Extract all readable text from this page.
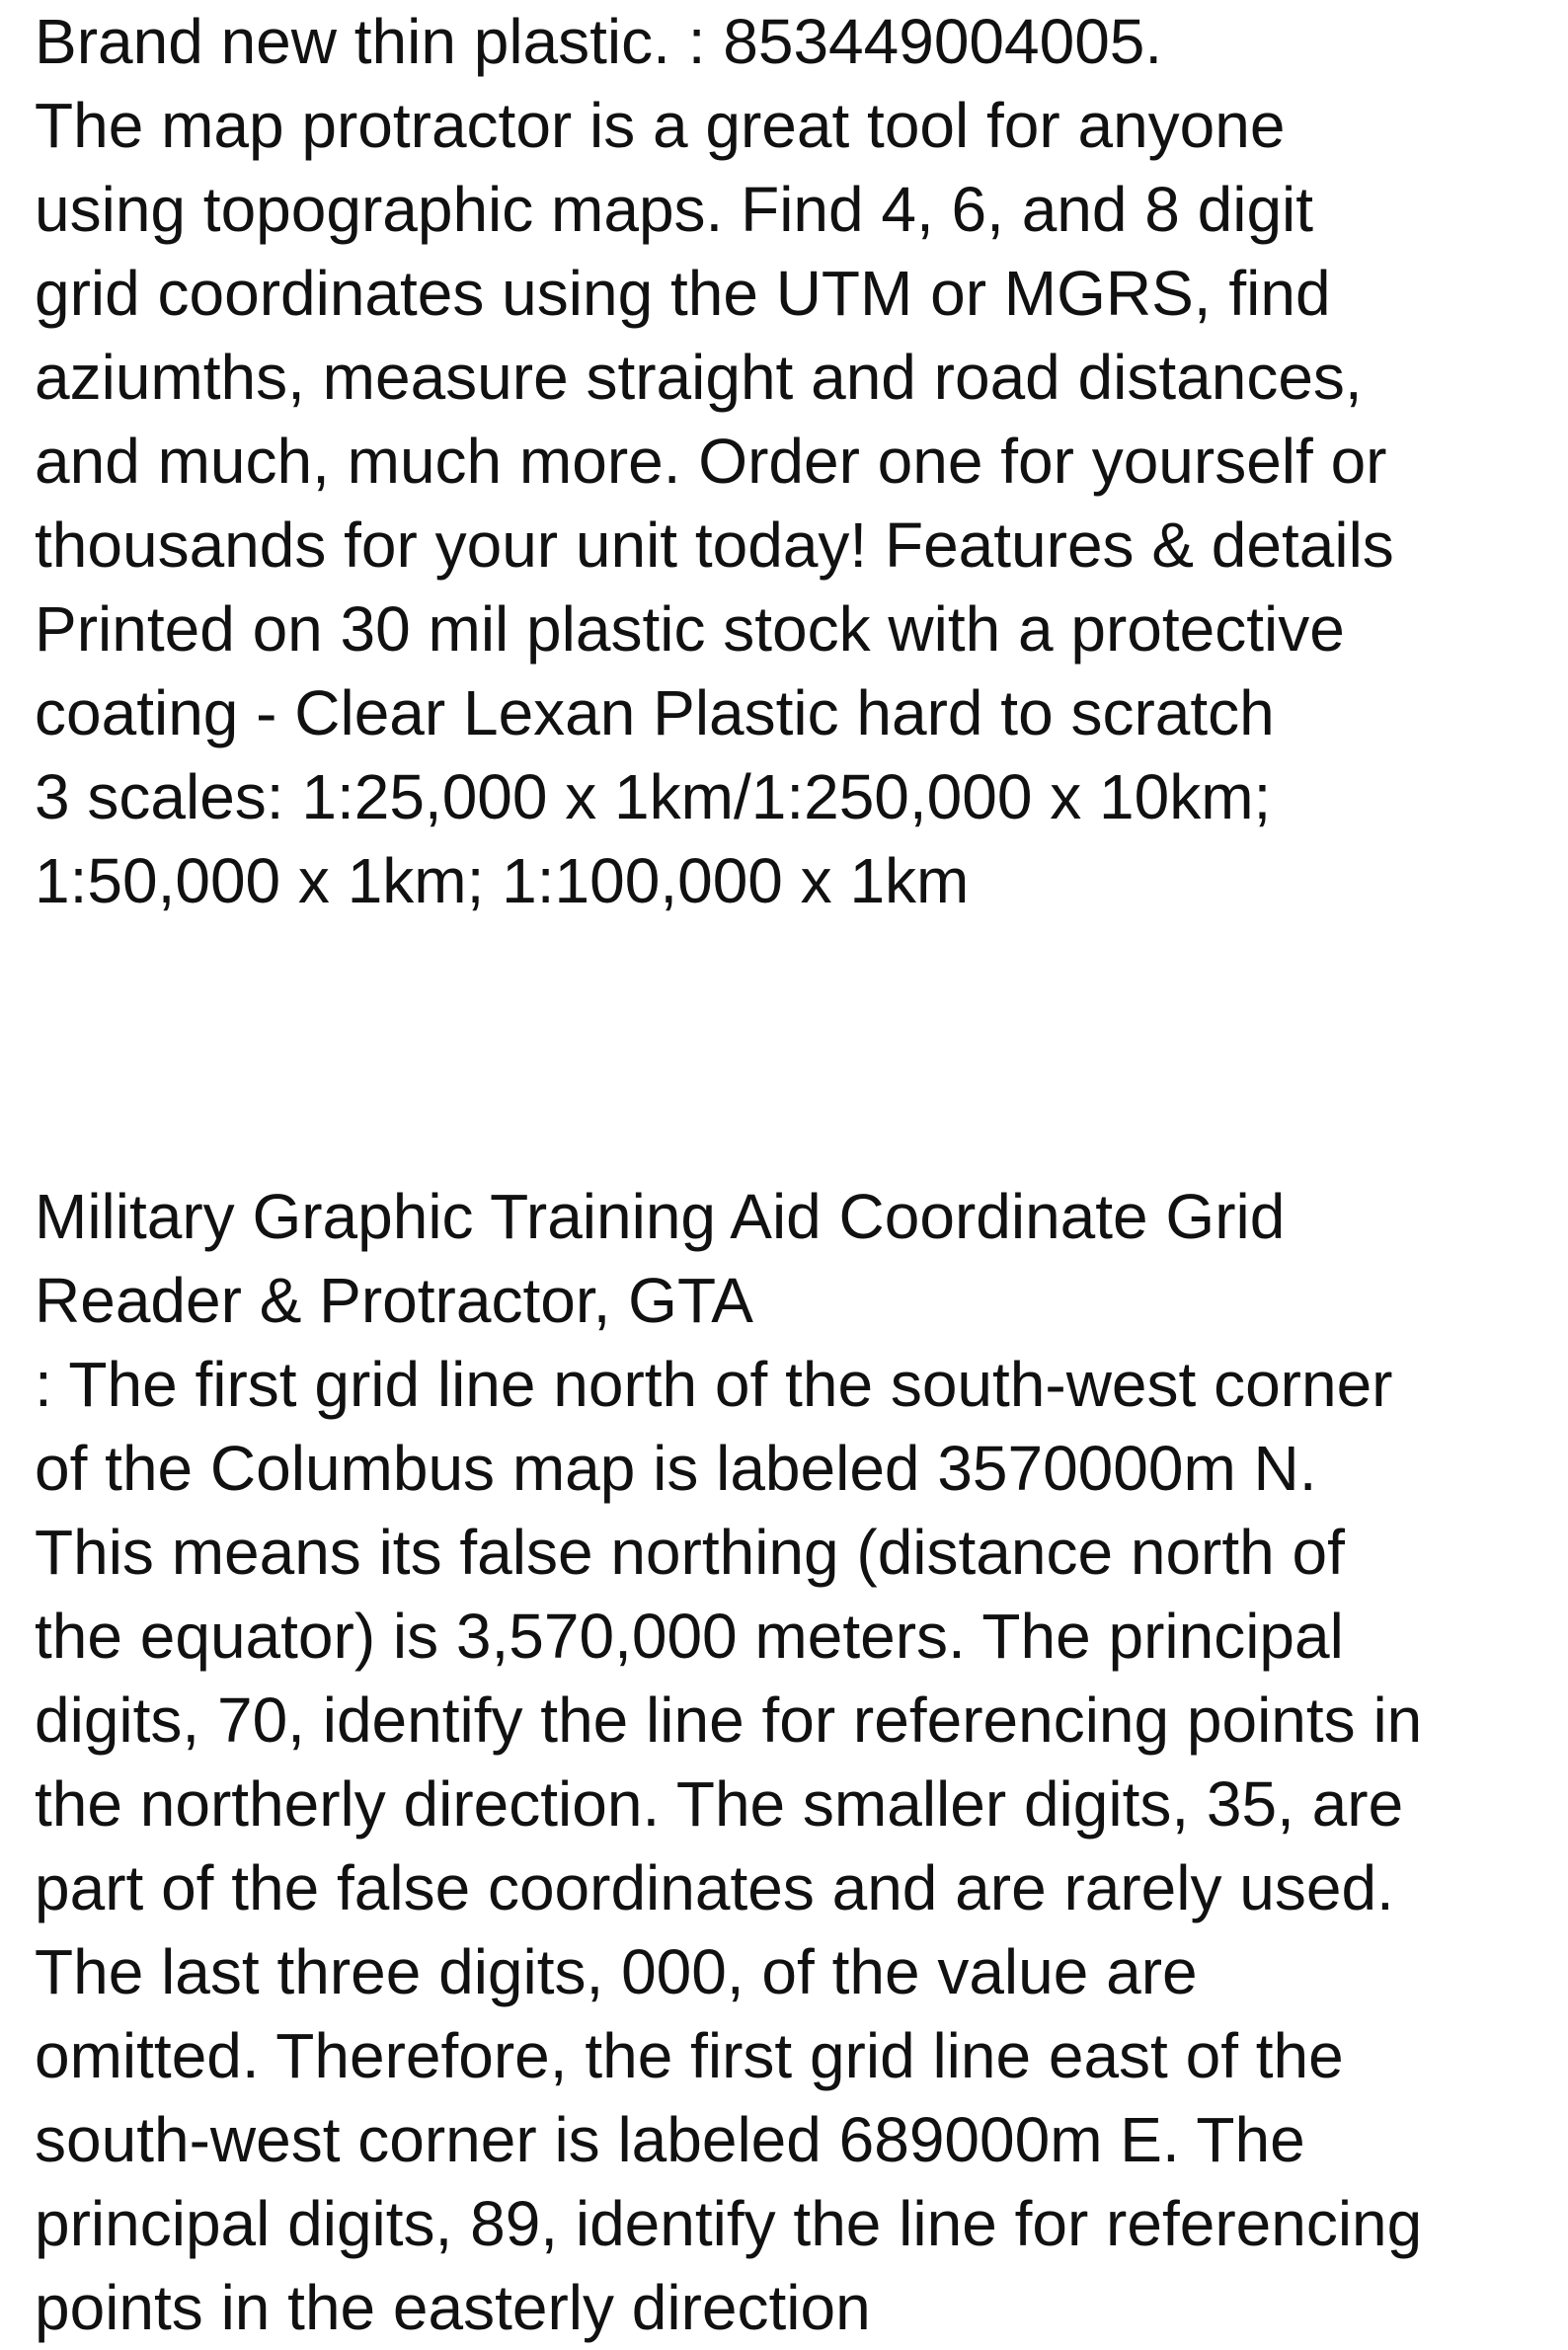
Brand new thin plastic. : 853449004005.
The map protractor is a great tool for anyone
using topographic maps. Find 4, 6, and 8 digit
grid coordinates using the UTM or MGRS, find
aziumths, measure straight and road distances,
and much, much more. Order one for yourself or
thousands for your unit today! Features & details
Printed on 30 mil plastic stock with a protective
coating - Clear Lexan Plastic hard to scratch
3 scales: 1:25,000 x 1km/1:250,000 x 10km;
1:50,000 x 1km; 1:100,000 x 1km
Military Graphic Training Aid Coordinate Grid
Reader & Protractor, GTA
: The first grid line north of the south-west corner
of the Columbus map is labeled 3570000m N.
This means its false northing (distance north of
the equator) is 3,570,000 meters. The principal
digits, 70, identify the line for referencing points in
the northerly direction. The smaller digits, 35, are
part of the false coordinates and are rarely used.
The last three digits, 000, of the value are
omitted. Therefore, the first grid line east of the
south-west corner is labeled 689000m E. The
principal digits, 89, identify the line for referencing
points in the easterly direction
